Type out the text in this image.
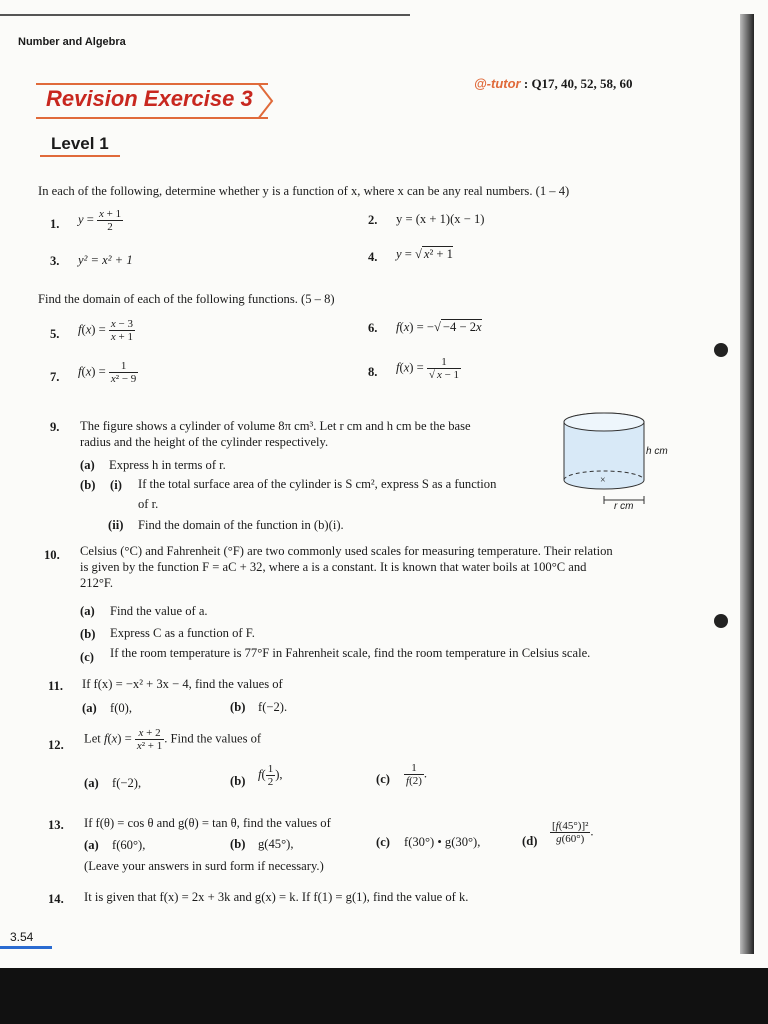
Number and Algebra
Revision Exercise 3
@-tutor : Q17, 40, 52, 58, 60
Level 1
In each of the following, determine whether y is a function of x, where x can be any real numbers. (1 – 4)
1. $y = \frac{x + 1}{2}$	2. y = (x + 1)(x − 1)
3. y² = x² + 1	4. y = √ x² + 1
Find the domain of each of the following functions. (5 – 8)
5. $f(x) = \frac{x - 3}{x + 1}$	6. f(x) = −√ −4 − 2x
7. $f(x) = \frac{1}{\text{x² − 9}}$	8. $f(x) = \frac{1}{√ x - 1}$
9. The figure shows a cylinder of volume 8π cm³. Let r cm and h cm be the base
radius and the height of the cylinder respectively.
(a) Express h in terms of r.
(b) (i) If the total surface area of the cylinder is S cm², express S as a function
of r.
(ii) Find the domain of the function in (b)(i).
×
h cm
r cm
10. Celsius (°C) and Fahrenheit (°F) are two commonly used scales for measuring temperature. Their relation
is given by the function F = aC + 32, where a is a constant. It is known that water boils at 100°C and
212°F.
(a) Find the value of a.
(b) Express C as a function of F.
(c) If the room temperature is 77°F in Fahrenheit scale, find the room temperature in Celsius scale.
11. If f(x) = −x² + 3x − 4, find the values of
(a) f(0),	(b) f(−2).
12. Let $f(x) = \frac{x + 2}{\text{x² + 1}}$ . Find the values of
(a) f(−2),	(b) $f( \frac{1}{2}$ ),	$(c) \frac{1}{f(2)}$ .
13. If f(θ) = cos θ and g(θ) = tan θ, find the values of
(a) f(60°),	(b) g(45°),	(c) f(30°) • g(30°),	$(d) \frac{\text{[f(45°)]²}}{g(60^\circ)}$ .
(Leave your answers in surd form if necessary.)
14. It is given that f(x) = 2x + 3k and g(x) = k. If f(1) = g(1), find the value of k.
3.54
